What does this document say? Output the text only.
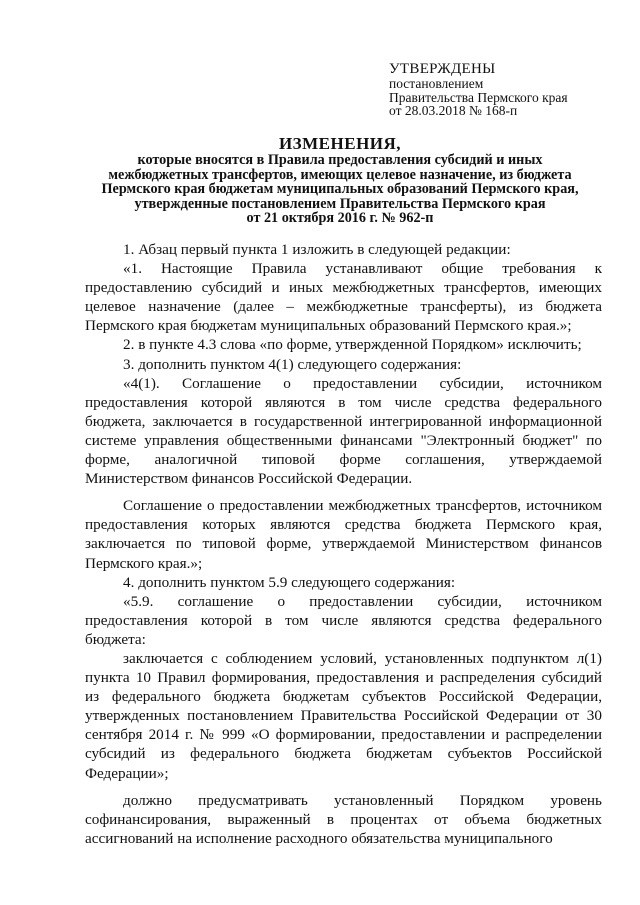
УТВЕРЖДЕНЫ
постановлением
Правительства Пермского края
от 28.03.2018 № 168-п
ИЗМЕНЕНИЯ,
которые вносятся в Правила предоставления субсидий и иных
межбюджетных трансфертов, имеющих целевое назначение, из бюджета
Пермского края бюджетам муниципальных образований Пермского края,
утвержденные постановлением Правительства Пермского края
от 21 октября 2016 г. № 962-п

1. Абзац первый пункта 1 изложить в следующей редакции:

«1. Настоящие Правила устанавливают общие требования к предоставлению субсидий и иных межбюджетных трансфертов, имеющих целевое назначение (далее – межбюджетные трансферты), из бюджета Пермского края бюджетам муниципальных образований Пермского края.»;

2. в пункте 4.3 слова «по форме, утвержденной Порядком» исключить;

3. дополнить пунктом 4(1) следующего содержания:

«4(1). Соглашение о предоставлении субсидии, источником предоставления которой являются в том числе средства федерального бюджета, заключается в государственной интегрированной информационной системе управления общественными финансами "Электронный бюджет" по форме, аналогичной типовой форме соглашения, утверждаемой Министерством финансов Российской Федерации.

Соглашение о предоставлении межбюджетных трансфертов, источником предоставления которых являются средства бюджета Пермского края, заключается по типовой форме, утверждаемой Министерством финансов Пермского края.»;

4. дополнить пунктом 5.9 следующего содержания:

«5.9. соглашение о предоставлении субсидии, источником предоставления которой в том числе являются средства федерального бюджета:

заключается с соблюдением условий, установленных подпунктом л(1) пункта 10 Правил формирования, предоставления и распределения субсидий из федерального бюджета бюджетам субъектов Российской Федерации, утвержденных постановлением Правительства Российской Федерации от 30 сентября 2014 г. № 999 «О формировании, предоставлении и распределении субсидий из федерального бюджета бюджетам субъектов Российской Федерации»;

должно предусматривать установленный Порядком уровень софинансирования, выраженный в процентах от объема бюджетных ассигнований на исполнение расходного обязательства муниципального
